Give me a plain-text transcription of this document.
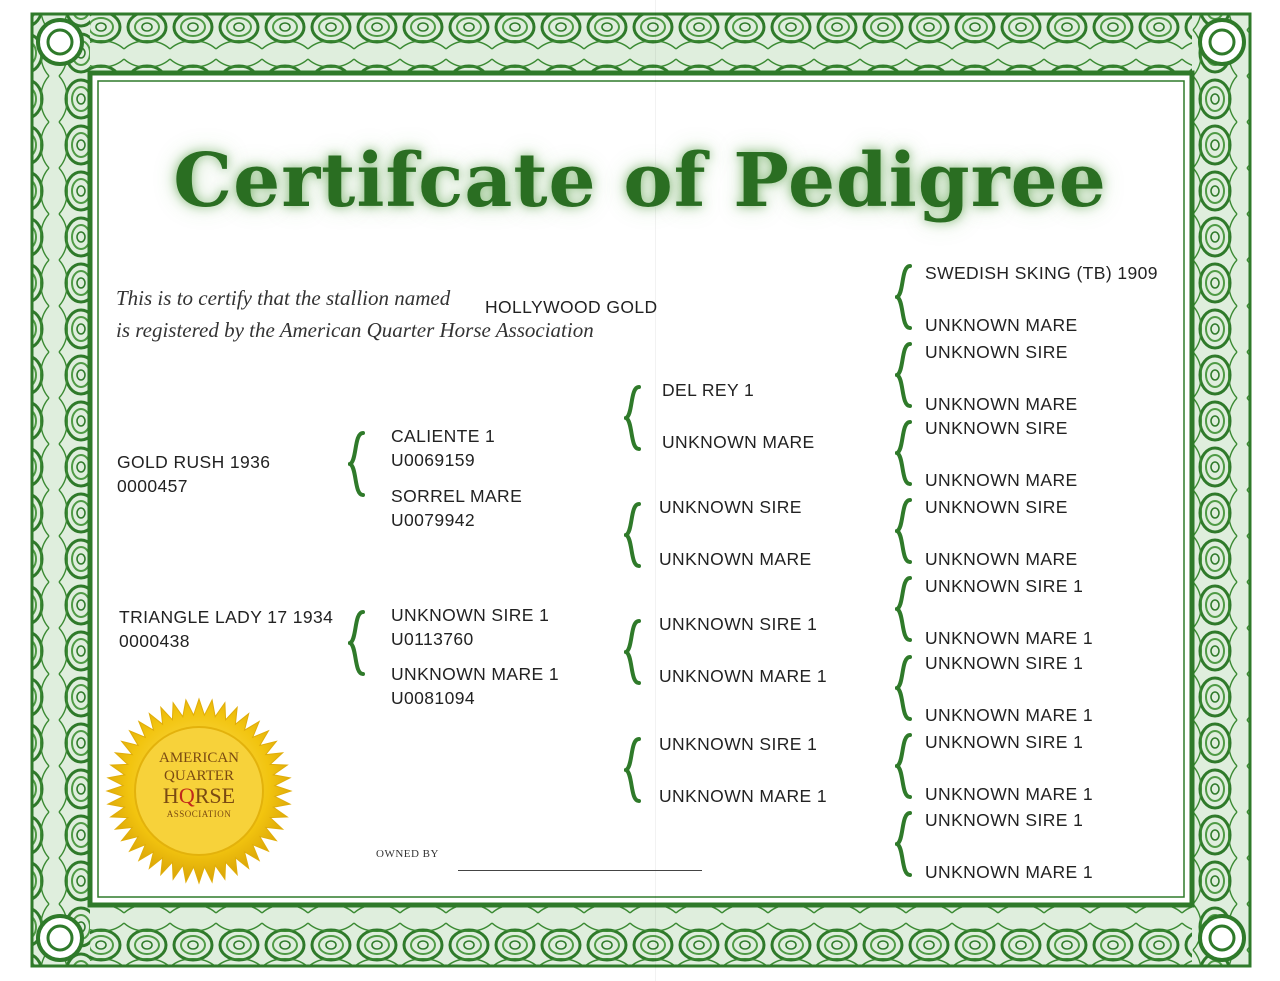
Certifcate of Pedigree
This is to certify that the stallion named
is registered by the American Quarter Horse Association
HOLLYWOOD GOLD
GOLD RUSH 1936
0000457
TRIANGLE LADY 17 1934
0000438
CALIENTE 1
U0069159
SORREL MARE
U0079942
UNKNOWN SIRE 1
U0113760
UNKNOWN MARE 1
U0081094
DEL REY 1
UNKNOWN MARE
UNKNOWN SIRE
UNKNOWN MARE
UNKNOWN SIRE 1
UNKNOWN MARE 1
UNKNOWN SIRE 1
UNKNOWN MARE 1
SWEDISH SKING (TB) 1909
UNKNOWN MARE
UNKNOWN SIRE
UNKNOWN MARE
UNKNOWN SIRE
UNKNOWN MARE
UNKNOWN SIRE
UNKNOWN MARE
UNKNOWN SIRE 1
UNKNOWN MARE 1
UNKNOWN SIRE 1
UNKNOWN MARE 1
UNKNOWN SIRE 1
UNKNOWN MARE 1
UNKNOWN SIRE 1
UNKNOWN MARE 1
AMERICAN
QUARTER
HQRSE
ASSOCIATION
OWNED BY
